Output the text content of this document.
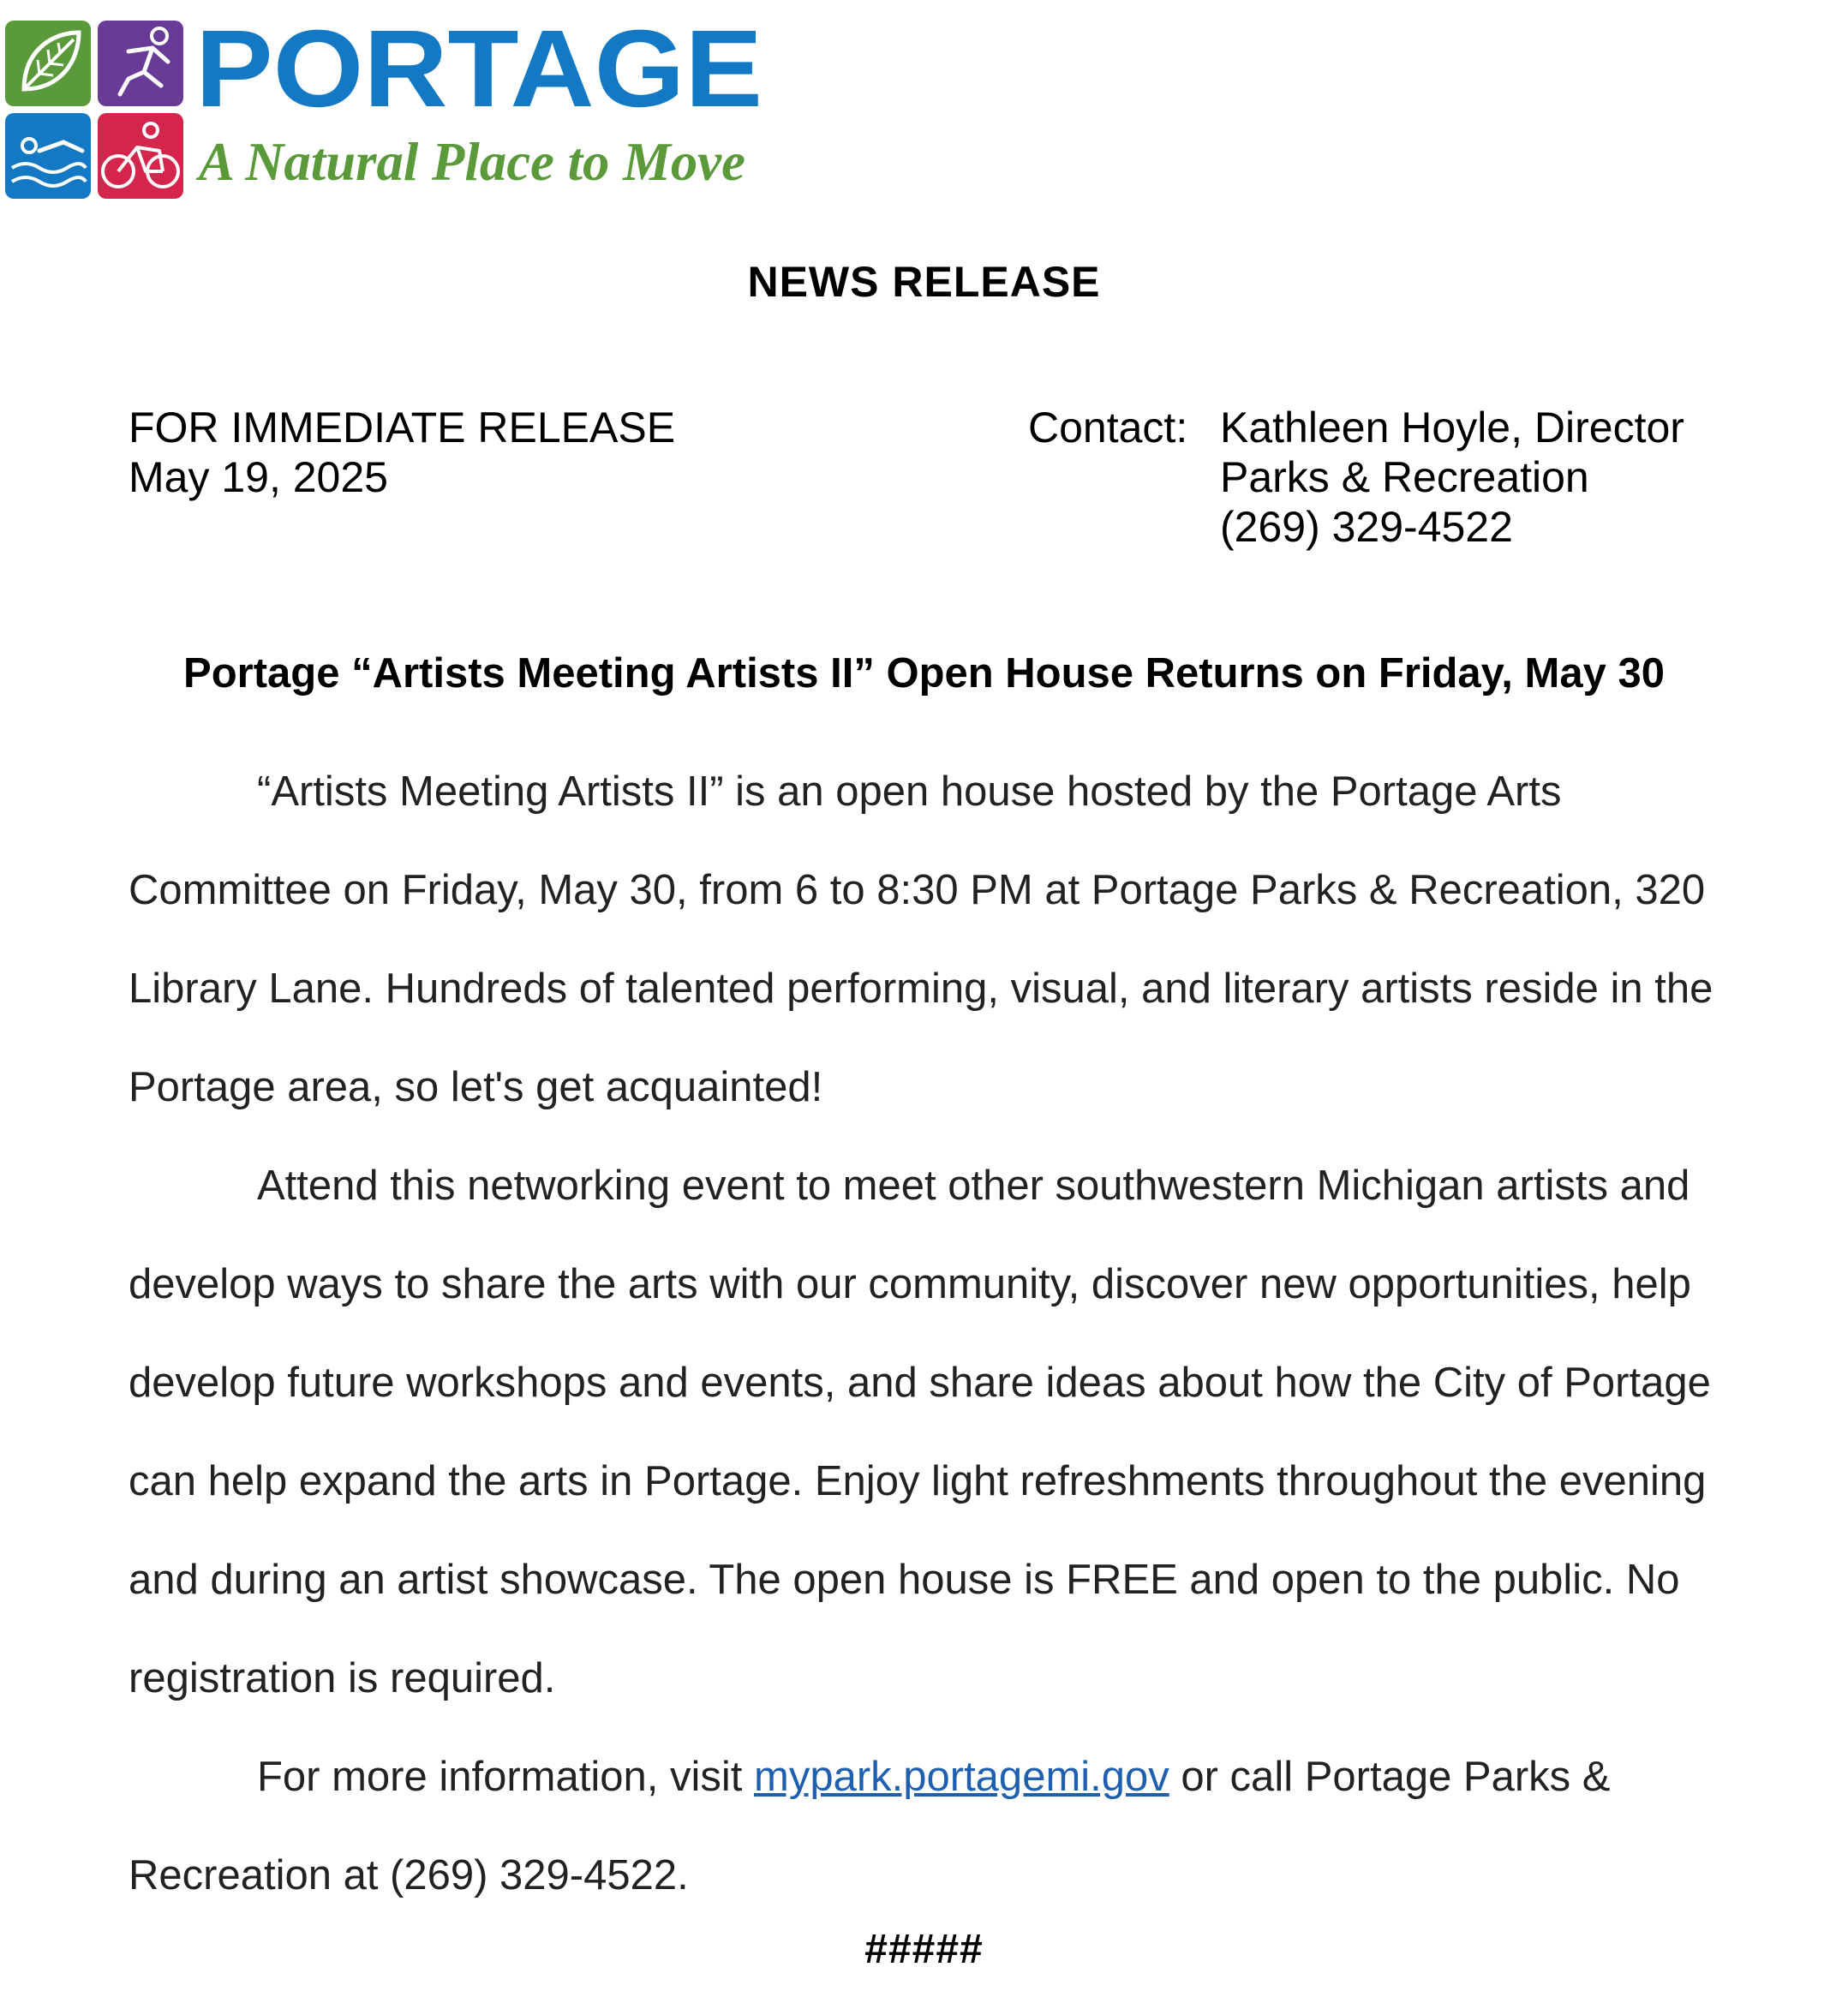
PORTAGE
A Natural Place to Move
NEWS RELEASE
FOR IMMEDIATE RELEASE
May 19, 2025
Contact: Kathleen Hoyle, Director
Parks & Recreation
(269) 329-4522
Portage “Artists Meeting Artists II” Open House Returns on Friday, May 30

“Artists Meeting Artists II” is an open house hosted by the Portage Arts Committee on Friday, May 30, from 6 to 8:30 PM at Portage Parks & Recreation, 320 Library Lane. Hundreds of talented performing, visual, and literary artists reside in the Portage area, so let's get acquainted!

Attend this networking event to meet other southwestern Michigan artists and develop ways to share the arts with our community, discover new opportunities, help develop future workshops and events, and share ideas about how the City of Portage can help expand the arts in Portage. Enjoy light refreshments throughout the evening and during an artist showcase. The open house is FREE and open to the public. No registration is required.

For more information, visit mypark.portagemi.gov or call Portage Parks & Recreation at (269) 329-4522.

#####
